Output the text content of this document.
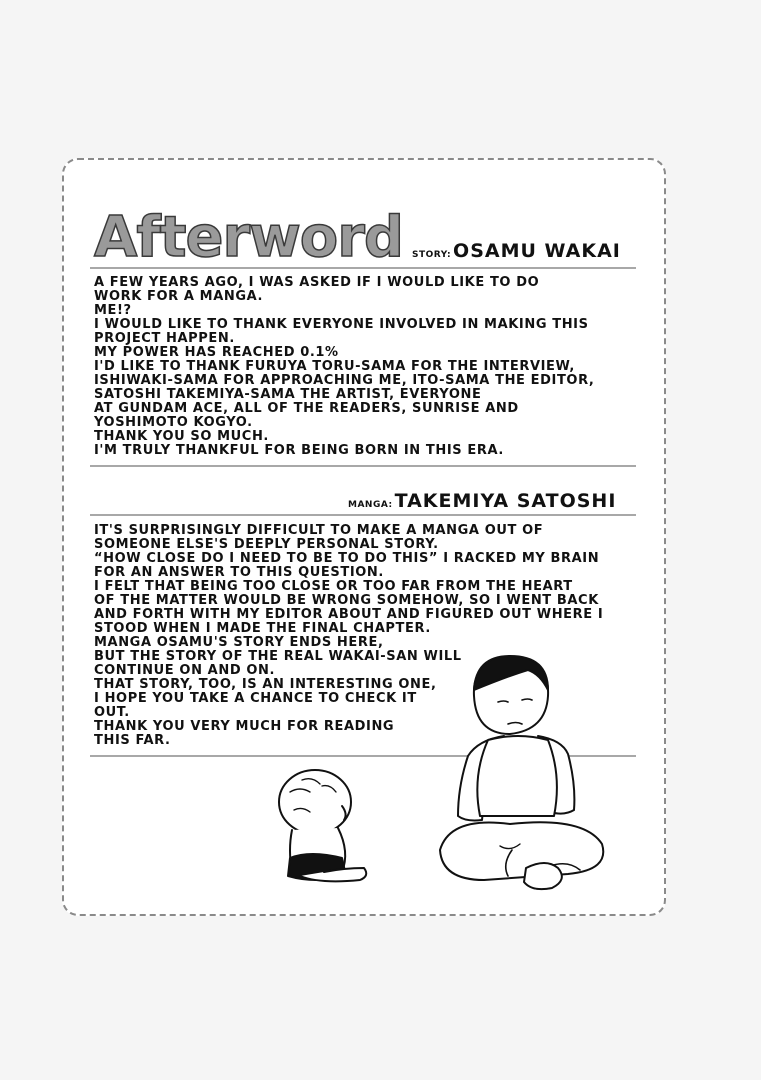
Afterword STORY: OSAMU WAKAI
A FEW YEARS AGO, I WAS ASKED IF I WOULD LIKE TO DO
WORK FOR A MANGA.
ME!?
I WOULD LIKE TO THANK EVERYONE INVOLVED IN MAKING THIS
PROJECT HAPPEN.
MY POWER HAS REACHED 0.1%
I'D LIKE TO THANK FURUYA TORU-SAMA FOR THE INTERVIEW,
ISHIWAKI-SAMA FOR APPROACHING ME, ITO-SAMA THE EDITOR,
SATOSHI TAKEMIYA-SAMA THE ARTIST, EVERYONE
AT GUNDAM ACE, ALL OF THE READERS, SUNRISE AND
YOSHIMOTO KOGYO.
THANK YOU SO MUCH.
I'M TRULY THANKFUL FOR BEING BORN IN THIS ERA.
MANGA: TAKEMIYA SATOSHI
IT'S SURPRISINGLY DIFFICULT TO MAKE A MANGA OUT OF
SOMEONE ELSE'S DEEPLY PERSONAL STORY.
“HOW CLOSE DO I NEED TO BE TO DO THIS” I RACKED MY BRAIN
FOR AN ANSWER TO THIS QUESTION.
I FELT THAT BEING TOO CLOSE OR TOO FAR FROM THE HEART
OF THE MATTER WOULD BE WRONG SOMEHOW, SO I WENT BACK
AND FORTH WITH MY EDITOR ABOUT AND FIGURED OUT WHERE I
STOOD WHEN I MADE THE FINAL CHAPTER.
MANGA OSAMU'S STORY ENDS HERE,
BUT THE STORY OF THE REAL WAKAI-SAN WILL
CONTINUE ON AND ON.
THAT STORY, TOO, IS AN INTERESTING ONE,
I HOPE YOU TAKE A CHANCE TO CHECK IT
OUT.
THANK YOU VERY MUCH FOR READING
THIS FAR.
